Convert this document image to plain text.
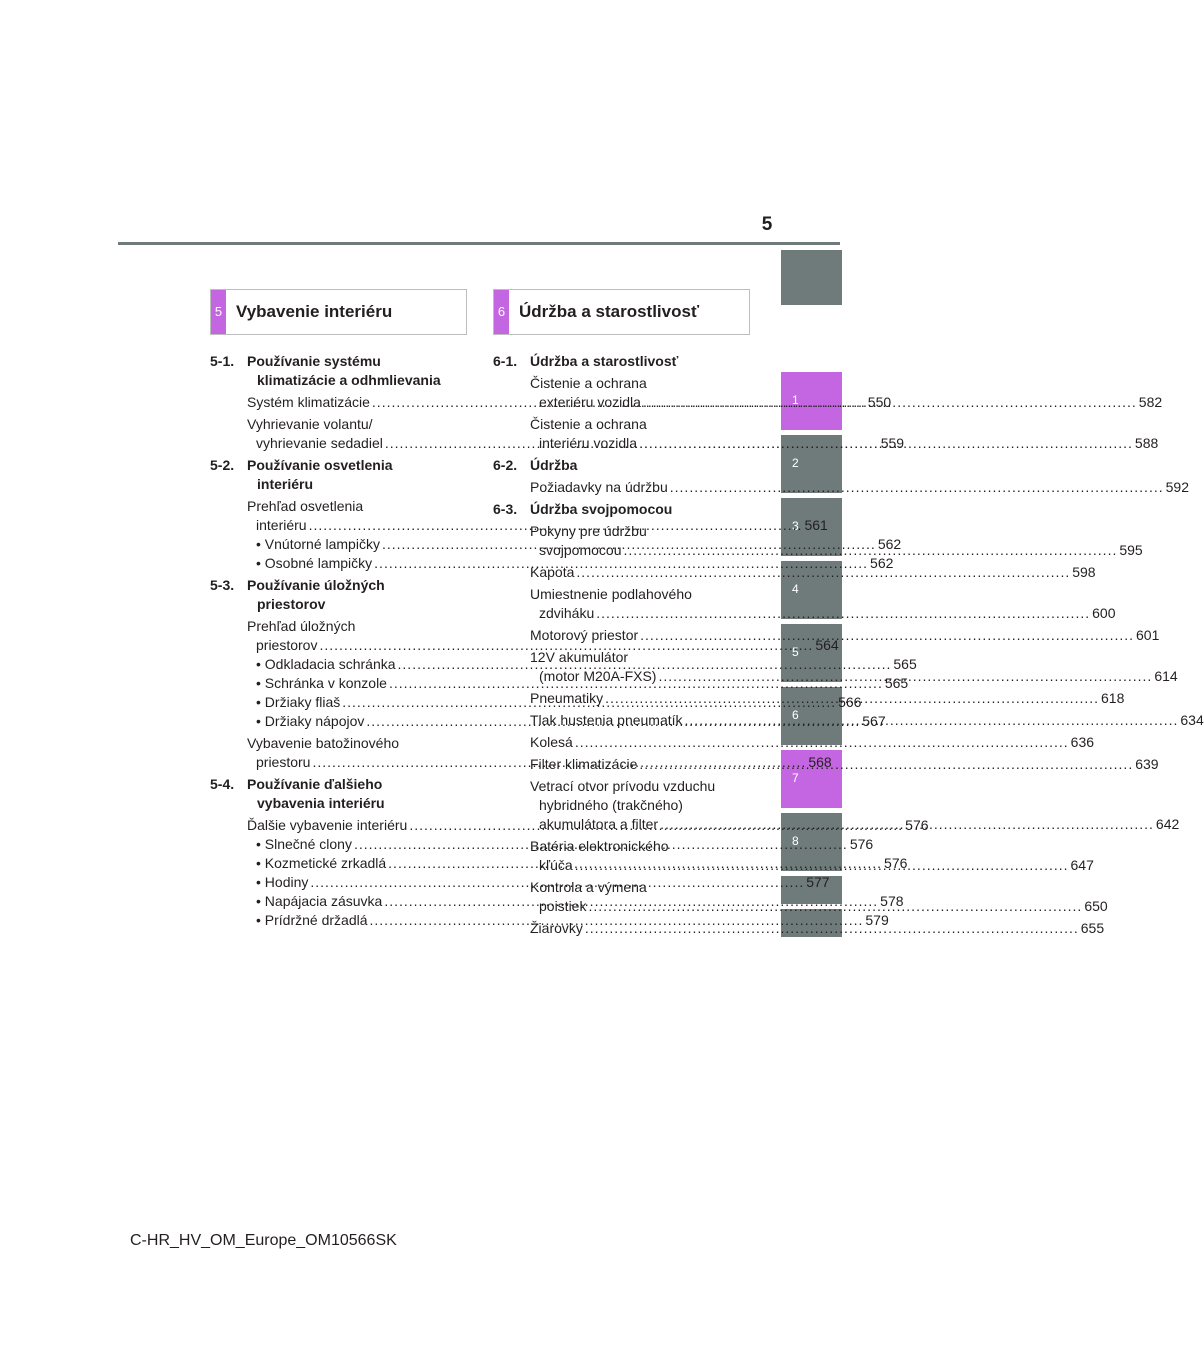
5
1
2
3
4
5
6
7
8
5 Vybavenie interiéru	6 Údržba a starostlivosť
5-1. Používanie systému
klimatizácie a odhmlievania
Systém klimatizácie .....	550
Vyhrievanie volantu/
vyhrievanie sedadiel .....	559
5-2. Používanie osvetlenia
interiéru
Prehľad osvetlenia
interiéru .....	561
• Vnútorné lampičky .....	562
• Osobné lampičky .....	562
5-3. Používanie úložných
priestorov
Prehľad úložných
priestorov .....	564
• Odkladacia schránka .....	565
• Schránka v konzole .....	565
• Držiaky fliaš .....	566
• Držiaky nápojov .....	567
Vybavenie batožinového
priestoru .....	568
5-4. Používanie ďalšieho
vybavenia interiéru
Ďalšie vybavenie interiéru .....	576
• Slnečné clony .....	576
• Kozmetické zrkadlá .....	576
• Hodiny .....	577
• Napájacia zásuvka .....	578
• Prídržné držadlá .....	579
6-1. Údržba a starostlivosť
Čistenie a ochrana
exteriéru vozidla .....	582
Čistenie a ochrana
interiéru vozidla .....	588
6-2. Údržba
Požiadavky na údržbu .....	592
6-3. Údržba svojpomocou
Pokyny pre údržbu
svojpomocou .....	595
Kapota .....	598
Umiestnenie podlahového
zdviháku .....	600
Motorový priestor .....	601
12V akumulátor
(motor M20A-FXS) .....	614
Pneumatiky .....	618
Tlak hustenia pneumatík .....	634
Kolesá .....	636
Filter klimatizácie .....	639
Vetrací otvor prívodu vzduchu
hybridného (trakčného)
akumulátora a filter .....	642
Batéria elektronického
kľúča .....	647
Kontrola a výmena
poistiek .....	650
Žiarovky .....	655
C-HR_HV_OM_Europe_OM10566SK
